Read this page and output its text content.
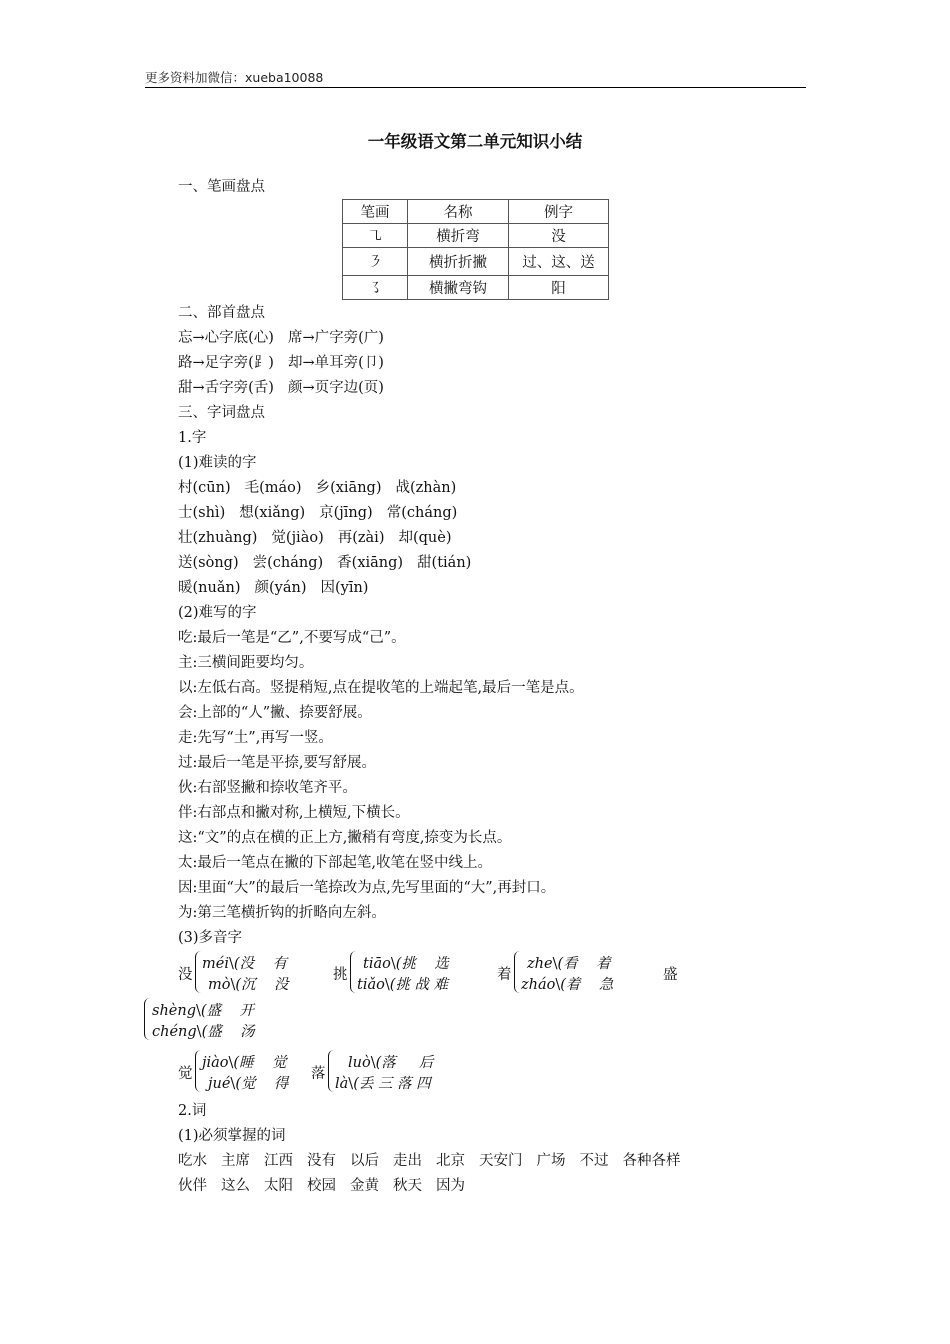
更多资料加微信：xueba10088
一年级语文第二单元知识小结
一、笔画盘点
笔画	名称	例字
㇈	横折弯	没
㇋	横折折撇	过、这、送
㇌	横撇弯钩	阳
二、部首盘点
忘→心字底(心) 席→广字旁(广)
路→足字旁(⻊) 却→单耳旁(卩)
甜→舌字旁(舌) 颜→页字边(页)
三、字词盘点
1.字
(1)难读的字
村(cūn) 毛(máo) 乡(xiāng) 战(zhàn)
士(shì) 想(xiǎng) 京(jīng) 常(cháng)
壮(zhuàng) 觉(jiào) 再(zài) 却(què)
送(sòng) 尝(cháng) 香(xiāng) 甜(tián)
暖(nuǎn) 颜(yán) 因(yīn)
(2)难写的字
吃:最后一笔是“乙”,不要写成“己”。
主:三横间距要均匀。
以:左低右高。竖提稍短,点在提收笔的上端起笔,最后一笔是点。
会:上部的“人”撇、捺要舒展。
走:先写“土”,再写一竖。
过:最后一笔是平捺,要写舒展。
伙:右部竖撇和捺收笔齐平。
伴:右部点和撇对称,上横短,下横长。
这:“文”的点在横的正上方,撇稍有弯度,捺变为长点。
太:最后一笔点在撇的下部起笔,收笔在竖中线上。
因:里面“大”的最后一笔捺改为点,先写里面的“大”,再封口。
为:第三笔横折钩的折略向左斜。
(3)多音字
没
méi\(没 有
mò\(沉 没
挑
tiāo\(挑 选
tiǎo\(挑 战 难
着
zhe\(看 着
zháo\(着 急
盛
shèng\(盛 开
chéng\(盛 汤
觉
jiào\(睡 觉
jué\(觉 得
落
luò\(落 后
là\(丢 三 落 四
2.词
(1)必须掌握的词
吃水 主席 江西 没有 以后 走出 北京 天安门 广场 不过 各种各样
伙伴 这么 太阳 校园 金黄 秋天 因为
